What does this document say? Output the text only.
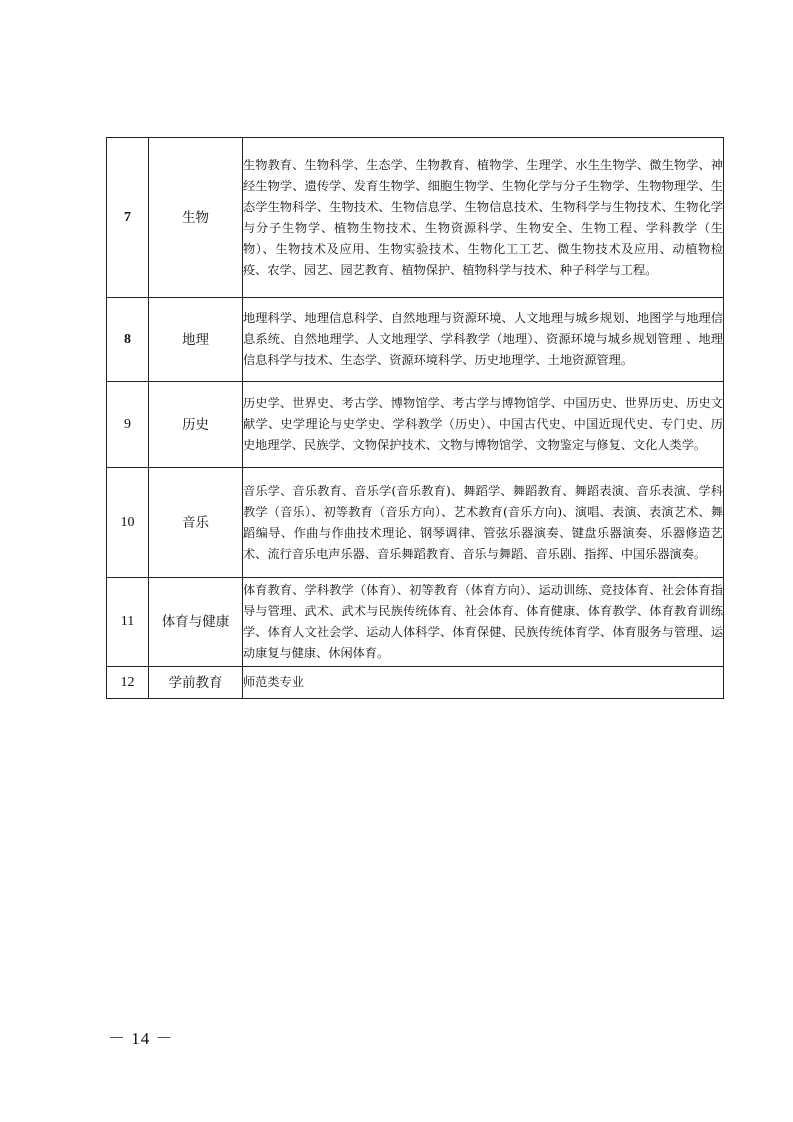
7	生物	生物教育、生物科学、生态学、生物教育、植物学、生理学、水生生物学、微生物学、神经生物学、遗传学、发育生物学、细胞生物学、生物化学与分子生物学、生物物理学、生态学生物科学、生物技术、生物信息学、生物信息技术、生物科学与生物技术、生物化学与分子生物学、植物生物技术、生物资源科学、生物安全、生物工程、学科教学（生物）、生物技术及应用、生物实验技术、生物化工工艺、微生物技术及应用、动植物检疫、农学、园艺、园艺教育、植物保护、植物科学与技术、种子科学与工程。
8	地理	地理科学、地理信息科学、自然地理与资源环境、人文地理与城乡规划、地图学与地理信息系统、自然地理学、人文地理学、学科教学（地理）、资源环境与城乡规划管理 、地理信息科学与技术、生态学、资源环境科学、历史地理学、土地资源管理。
9	历史	历史学、世界史、考古学、博物馆学、考古学与博物馆学、中国历史、世界历史、历史文献学、史学理论与史学史、学科教学（历史）、中国古代史、中国近现代史、专门史、历史地理学、民族学、文物保护技术、文物与博物馆学、文物鉴定与修复、文化人类学。
10	音乐	音乐学、音乐教育、音乐学(音乐教育)、舞蹈学、舞蹈教育、舞蹈表演、音乐表演、学科教学（音乐）、初等教育（音乐方向）、艺术教育(音乐方向)、演唱、表演、表演艺术、舞蹈编导、作曲与作曲技术理论、钢琴调律、管弦乐器演奏、键盘乐器演奏、乐器修造艺术、流行音乐电声乐器、音乐舞蹈教育、音乐与舞蹈、音乐剧、指挥、中国乐器演奏。
11	体育与健康	体育教育、学科教学（体育）、初等教育（体育方向）、运动训练、竞技体育、社会体育指导与管理、武术、武术与民族传统体育、社会体育、体育健康、体育教学、体育教育训练学、体育人文社会学、运动人体科学、体育保健、民族传统体育学、体育服务与管理、运动康复与健康、休闲体育。
12	学前教育	师范类专业
－ 14 －
